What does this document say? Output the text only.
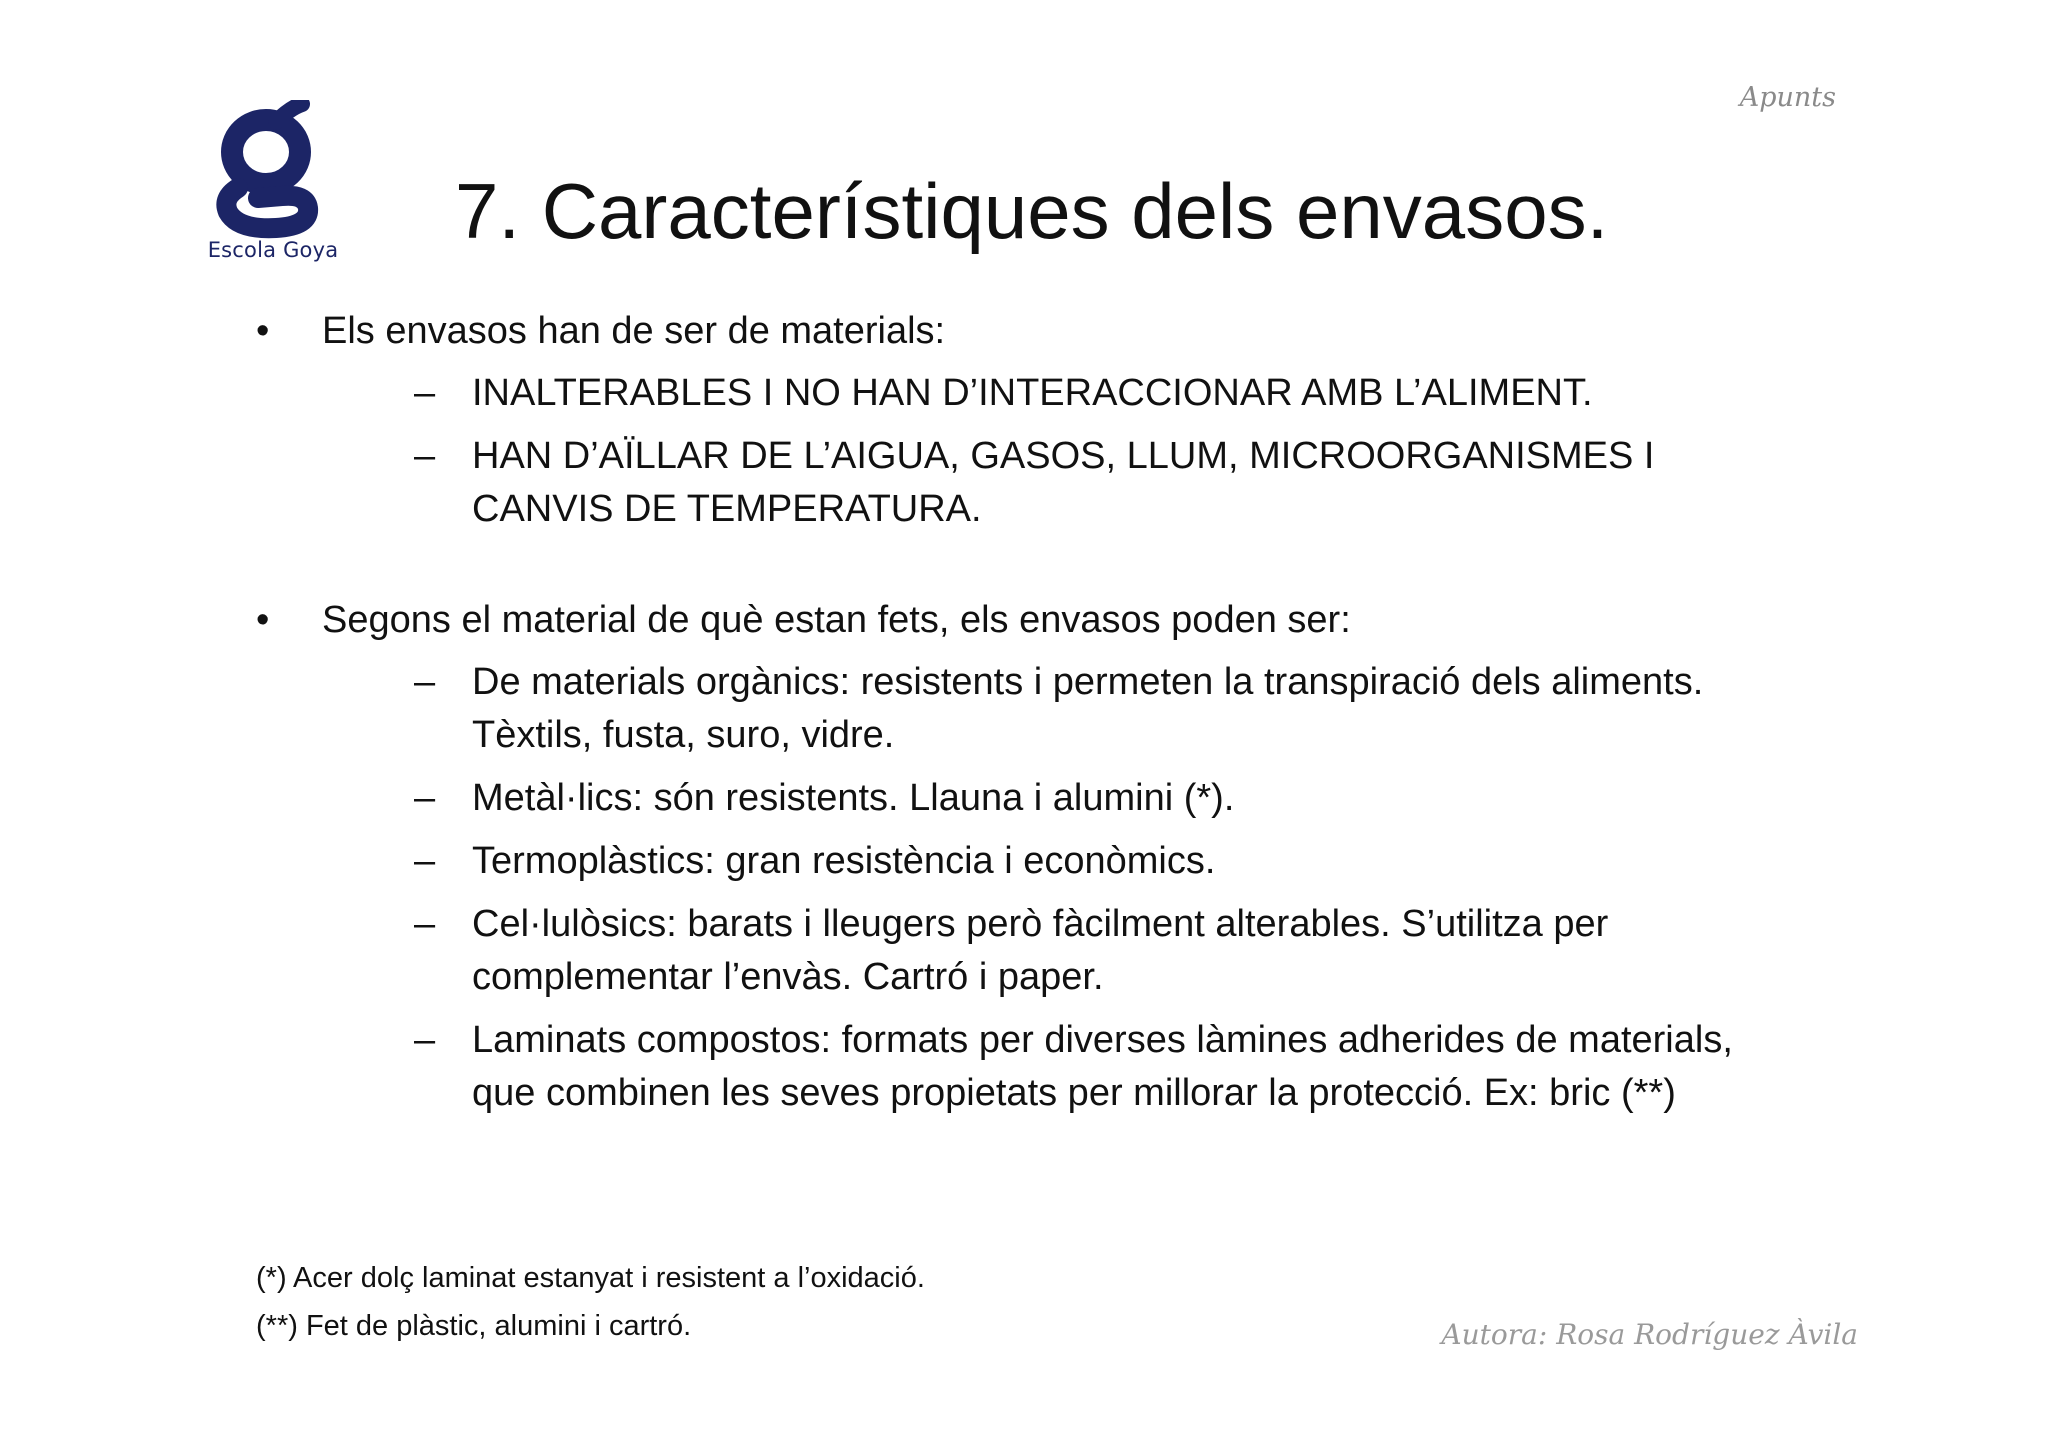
Escola Goya
Apunts
7. Característiques dels envasos.
• Els envasos han de ser de materials:
– INALTERABLES I NO HAN D’INTERACCIONAR AMB L’ALIMENT.
– HAN D’AÏLLAR DE L’AIGUA, GASOS, LLUM, MICROORGANISMES I CANVIS DE TEMPERATURA.
• Segons el material de què estan fets, els envasos poden ser:
– De materials orgànics: resistents i permeten la transpiració dels aliments. Tèxtils, fusta, suro, vidre.
– Metàl·lics: són resistents. Llauna i alumini (*).
– Termoplàstics: gran resistència i econòmics.
– Cel·lulòsics: barats i lleugers però fàcilment alterables. S’utilitza per complementar l’envàs. Cartró i paper.
– Laminats compostos: formats per diverses làmines adherides de materials, que combinen les seves propietats per millorar la protecció. Ex: bric (**)
(*) Acer dolç laminat estanyat i resistent a l’oxidació.
(**) Fet de plàstic, alumini i cartró.	Autora: Rosa Rodríguez Àvila
